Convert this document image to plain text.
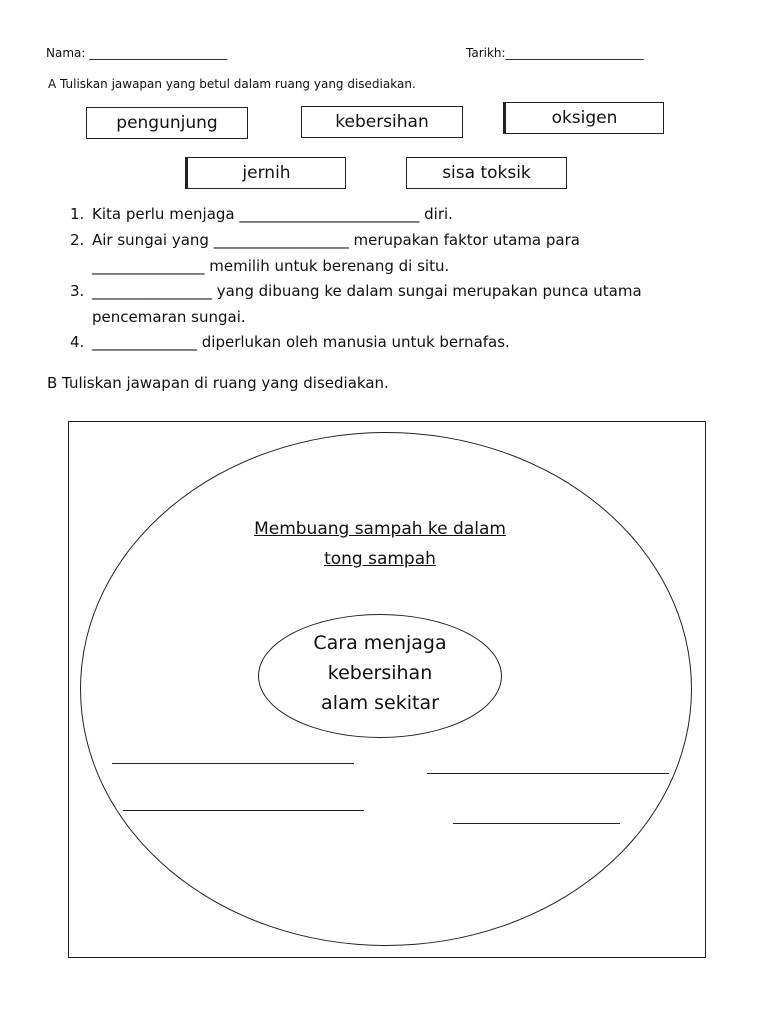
Nama: _______________________	Tarikh:_______________________
A Tuliskan jawapan yang betul dalam ruang yang disediakan.
pengunjung	kebersihan	oksigen
jernih	sisa toksik
1. Kita perlu menjaga ________________________ diri.
2. Air sungai yang __________________ merupakan faktor utama para
_______________ memilih untuk berenang di situ.
3. ________________ yang dibuang ke dalam sungai merupakan punca utama
pencemaran sungai.
4. ______________ diperlukan oleh manusia untuk bernafas.
B Tuliskan jawapan di ruang yang disediakan.
Membuang sampah ke dalam
tong sampah
Cara menjaga
kebersihan
alam sekitar
